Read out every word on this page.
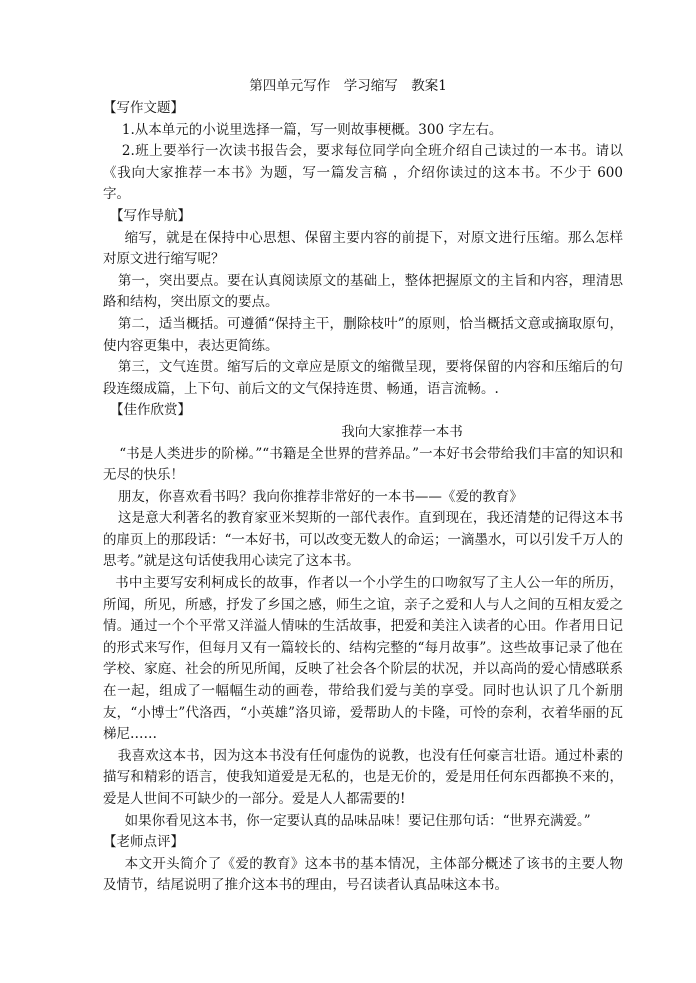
第四单元写作　学习缩写　教案1

【写作文题】

1.从本单元的小说里选择一篇，写一则故事梗概。300 字左右。

2.班上要举行一次读书报告会，要求每位同学向全班介绍自己读过的一本书。请以《我向大家推荐一本书》为题，写一篇发言稿 ，介绍你读过的这本书。不少于 600 字。

【写作导航】

缩写，就是在保持中心思想、保留主要内容的前提下，对原文进行压缩。那么怎样对原文进行缩写呢？

第一，突出要点。要在认真阅读原文的基础上，整体把握原文的主旨和内容，理清思路和结构，突出原文的要点。

第二，适当概括。可遵循“保持主干，删除枝叶”的原则，恰当概括文意或摘取原句，使内容更集中，表达更简练。

第三，文气连贯。缩写后的文章应是原文的缩微呈现，要将保留的内容和压缩后的句段连缀成篇，上下句、前后文的文气保持连贯、畅通，语言流畅。.

【佳作欣赏】

我向大家推荐一本书

“书是人类进步的阶梯。”“书籍是全世界的营养品。”一本好书会带给我们丰富的知识和无尽的快乐！

朋友，你喜欢看书吗？我向你推荐非常好的一本书——《爱的教育》

这是意大利著名的教育家亚米契斯的一部代表作。直到现在，我还清楚的记得这本书的扉页上的那段话：“一本好书，可以改变无数人的命运；一滴墨水，可以引发千万人的思考。”就是这句话使我用心读完了这本书。

书中主要写安利柯成长的故事，作者以一个小学生的口吻叙写了主人公一年的所历，所闻，所见，所感，抒发了乡国之感，师生之谊，亲子之爱和人与人之间的互相友爱之情。通过一个个平常又洋溢人情味的生活故事，把爱和美注入读者的心田。作者用日记的形式来写作，但每月又有一篇较长的、结构完整的“每月故事”。这些故事记录了他在学校、家庭、社会的所见所闻，反映了社会各个阶层的状况，并以高尚的爱心情感联系在一起，组成了一幅幅生动的画卷，带给我们爱与美的享受。同时也认识了几个新朋友，“小博士”代洛西，“小英雄”洛贝谛，爱帮助人的卡隆，可怜的奈利，衣着华丽的瓦梯尼……

我喜欢这本书，因为这本书没有任何虚伪的说教，也没有任何豪言壮语。通过朴素的描写和精彩的语言，使我知道爱是无私的，也是无价的，爱是用任何东西都换不来的，爱是人世间不可缺少的一部分。爱是人人都需要的!

如果你看见这本书，你一定要认真的品味品味！要记住那句话：“世界充满爱。”

【老师点评】

本文开头简介了《爱的教育》这本书的基本情况，主体部分概述了该书的主要人物及情节，结尾说明了推介这本书的理由，号召读者认真品味这本书。
